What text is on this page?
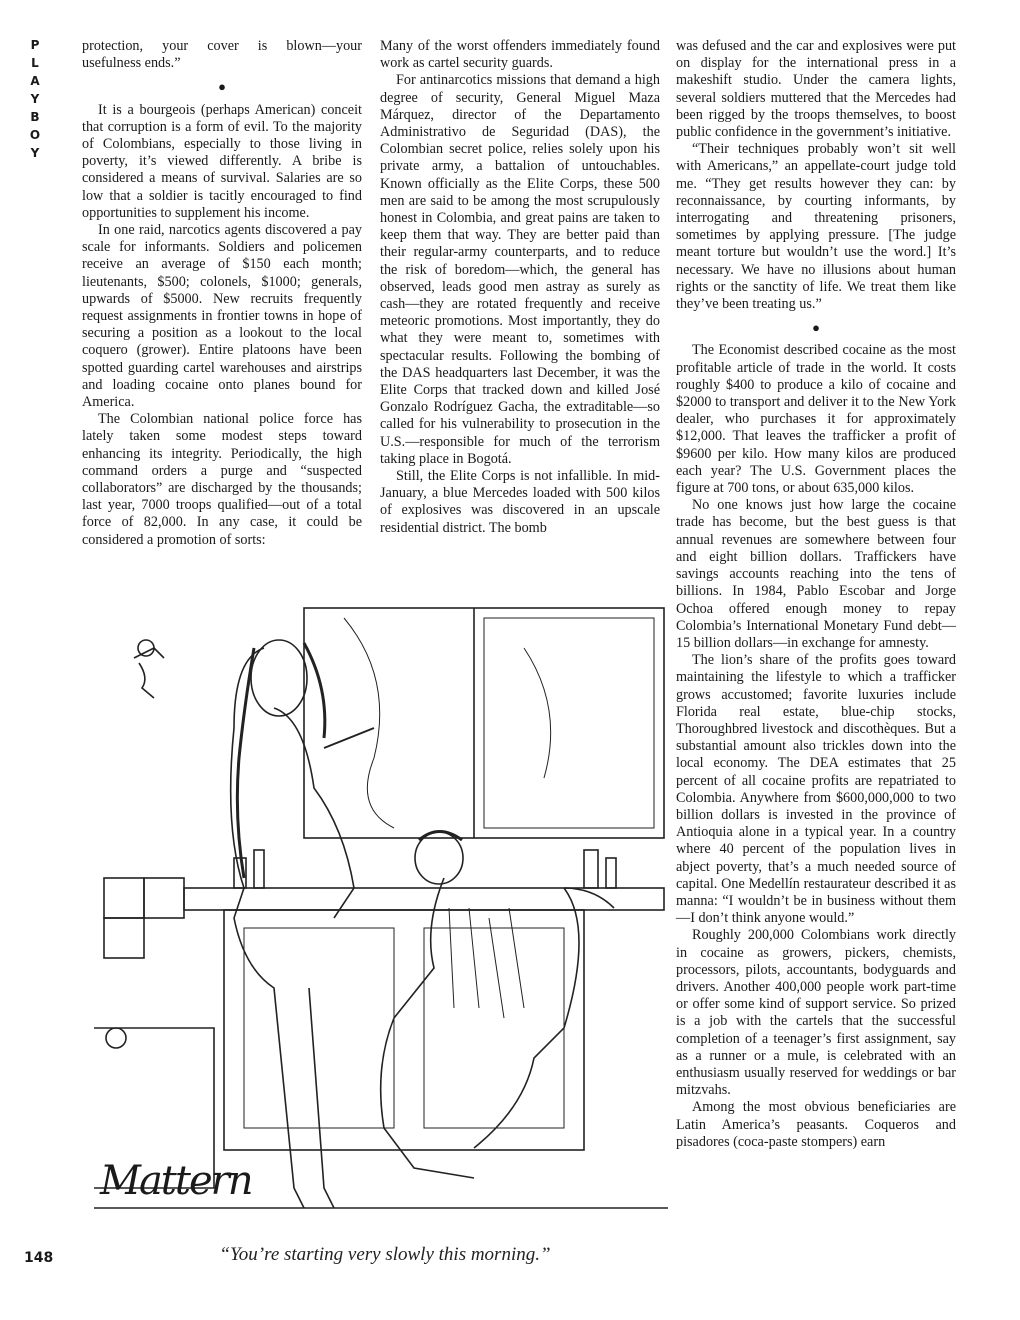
P
L
A
Y
B
O
Y

protection, your cover is blown—your usefulness ends.”

●

It is a bourgeois (perhaps American) conceit that corruption is a form of evil. To the majority of Colombians, especially to those living in poverty, it’s viewed differently. A bribe is considered a means of survival. Salaries are so low that a soldier is tacitly encouraged to find opportunities to supplement his income.

In one raid, narcotics agents discovered a pay scale for informants. Soldiers and policemen receive an average of $150 each month; lieutenants, $500; colonels, $1000; generals, upwards of $5000. New recruits frequently request assignments in frontier towns in hope of securing a position as a lookout to the local coquero (grower). Entire platoons have been spotted guarding cartel warehouses and airstrips and loading cocaine onto planes bound for America.

The Colombian national police force has lately taken some modest steps toward enhancing its integrity. Periodically, the high command orders a purge and “suspected collaborators” are discharged by the thousands; last year, 7000 troops qualified—out of a total force of 82,000. In any case, it could be considered a promotion of sorts:

Many of the worst offenders immediately found work as cartel security guards.

For antinarcotics missions that demand a high degree of security, General Miguel Maza Márquez, director of the Departamento Administrativo de Seguridad (DAS), the Colombian secret police, relies solely upon his private army, a battalion of untouchables. Known officially as the Elite Corps, these 500 men are said to be among the most scrupulously honest in Colombia, and great pains are taken to keep them that way. They are better paid than their regular-army counterparts, and to reduce the risk of boredom—which, the general has observed, leads good men astray as surely as cash—they are rotated frequently and receive meteoric promotions. Most importantly, they do what they were meant to, sometimes with spectacular results. Following the bombing of the DAS headquarters last December, it was the Elite Corps that tracked down and killed José Gonzalo Rodríguez Gacha, the extraditable—so called for his vulnerability to prosecution in the U.S.—responsible for much of the terrorism taking place in Bogotá.

Still, the Elite Corps is not infallible. In mid-January, a blue Mercedes loaded with 500 kilos of explosives was discovered in an upscale residential district. The bomb

was defused and the car and explosives were put on display for the international press in a makeshift studio. Under the camera lights, several soldiers muttered that the Mercedes had been rigged by the troops themselves, to boost public confidence in the government’s initiative.

“Their techniques probably won’t sit well with Americans,” an appellate-court judge told me. “They get results however they can: by reconnaissance, by courting informants, by interrogating and threatening prisoners, sometimes by applying pressure. [The judge meant torture but wouldn’t use the word.] It’s necessary. We have no illusions about human rights or the sanctity of life. We treat them like they’ve been treating us.”

●

The Economist described cocaine as the most profitable article of trade in the world. It costs roughly $400 to produce a kilo of cocaine and $2000 to transport and deliver it to the New York dealer, who purchases it for approximately $12,000. That leaves the trafficker a profit of $9600 per kilo. How many kilos are produced each year? The U.S. Government places the figure at 700 tons, or about 635,000 kilos.

No one knows just how large the cocaine trade has become, but the best guess is that annual revenues are somewhere between four and eight billion dollars. Traffickers have savings accounts reaching into the tens of billions. In 1984, Pablo Escobar and Jorge Ochoa offered enough money to repay Colombia’s International Monetary Fund debt—15 billion dollars—in exchange for amnesty.

The lion’s share of the profits goes toward maintaining the lifestyle to which a trafficker grows accustomed; favorite luxuries include Florida real estate, blue-chip stocks, Thoroughbred livestock and discothèques. But a substantial amount also trickles down into the local economy. The DEA estimates that 25 percent of all cocaine profits are repatriated to Colombia. Anywhere from $600,000,000 to two billion dollars is invested in the province of Antioquia alone in a typical year. In a country where 40 percent of the population lives in abject poverty, that’s a much needed source of capital. One Medellín restaurateur described it as manna: “I wouldn’t be in business without them—I don’t think anyone would.”

Roughly 200,000 Colombians work directly in cocaine as growers, pickers, chemists, processors, pilots, accountants, bodyguards and drivers. Another 400,000 people work part-time or offer some kind of support service. So prized is a job with the cartels that the successful completion of a teenager’s first assignment, say as a runner or a mule, is celebrated with an enthusiasm usually reserved for weddings or bar mitzvahs.

Among the most obvious beneficiaries are Latin America’s peasants. Coqueros and pisadores (coca-paste stompers) earn

Mattern
“You’re starting very slowly this morning.”
148
